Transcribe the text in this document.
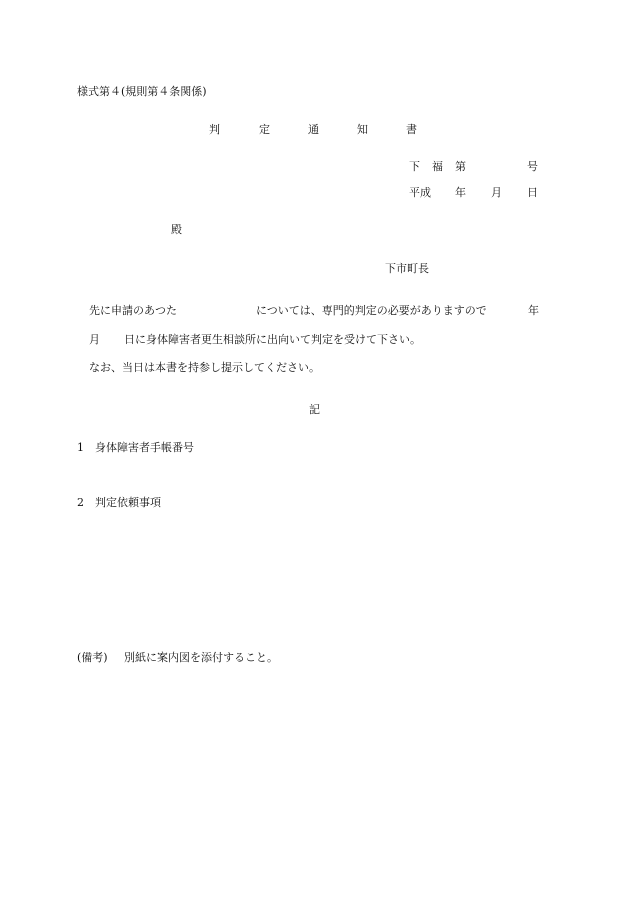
様式第４(規則第４条関係)
判	定	通	知	書
下 福 第	号
平成 年 月 日
殿
下市町長
先に申請のあつた	については、専門的判定の必要がありますので	年
月 日に身体障害者更生相談所に出向いて判定を受けて下さい。
なお、当日は本書を持参し提示してください。
記
1 身体障害者手帳番号
2 判定依頼事項
(備考) 別紙に案内図を添付すること。
